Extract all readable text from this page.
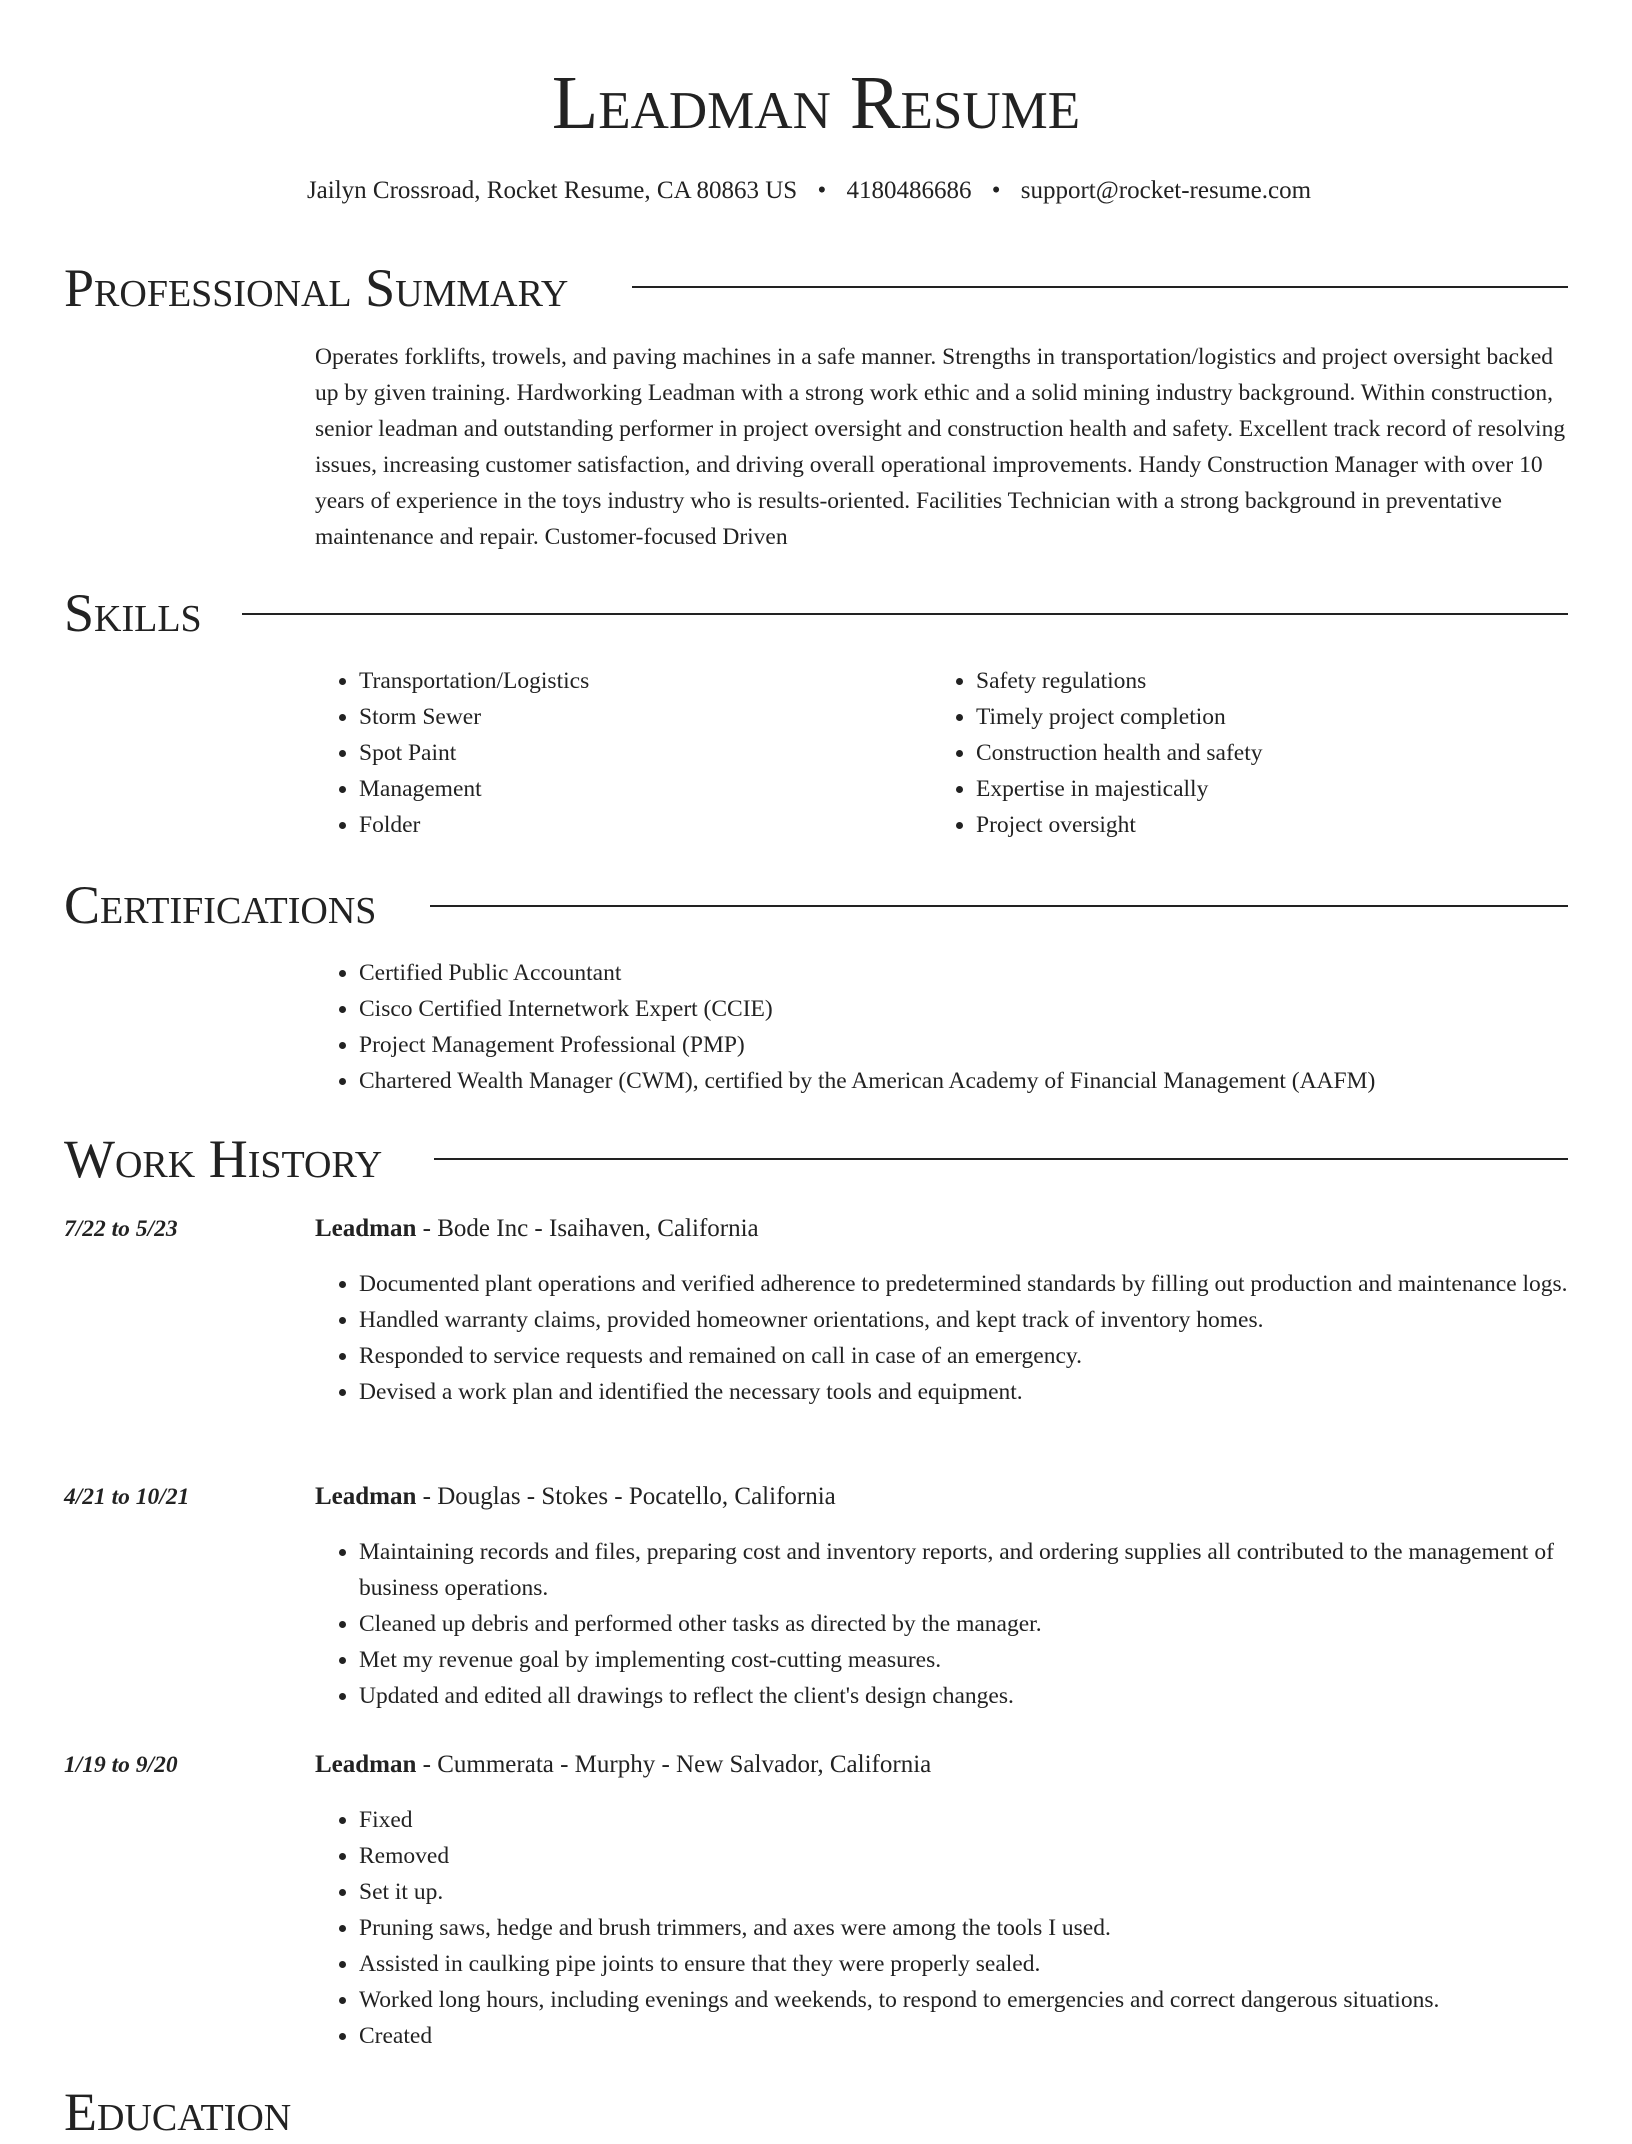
Leadman Resume
Jailyn Crossroad, Rocket Resume, CA 80863 US • 4180486686 • support@rocket-resume.com
Professional Summary

Operates forklifts, trowels, and paving machines in a safe manner. Strengths in transportation/logistics and project oversight backed up by given training. Hardworking Leadman with a strong work ethic and a solid mining industry background. Within construction, senior leadman and outstanding performer in project oversight and construction health and safety. Excellent track record of resolving issues, increasing customer satisfaction, and driving overall operational improvements. Handy Construction Manager with over 10 years of experience in the toys industry who is results-oriented. Facilities Technician with a strong background in preventative maintenance and repair. Customer-focused Driven

Skills
• Transportation/Logistics
• Storm Sewer
• Spot Paint
• Management
• Folder
• Safety regulations
• Timely project completion
• Construction health and safety
• Expertise in majestically
• Project oversight
Certifications
• Certified Public Accountant
• Cisco Certified Internetwork Expert (CCIE)
• Project Management Professional (PMP)
• Chartered Wealth Manager (CWM), certified by the American Academy of Financial Management (AAFM)
Work History
7/22 to 5/23	Leadman - Bode Inc - Isaihaven, California
• Documented plant operations and verified adherence to predetermined standards by filling out production and maintenance logs.
• Handled warranty claims, provided homeowner orientations, and kept track of inventory homes.
• Responded to service requests and remained on call in case of an emergency.
• Devised a work plan and identified the necessary tools and equipment.
4/21 to 10/21	Leadman - Douglas - Stokes - Pocatello, California
• Maintaining records and files, preparing cost and inventory reports, and ordering supplies all contributed to the management of business operations.
• Cleaned up debris and performed other tasks as directed by the manager.
• Met my revenue goal by implementing cost-cutting measures.
• Updated and edited all drawings to reflect the client's design changes.
1/19 to 9/20	Leadman - Cummerata - Murphy - New Salvador, California
• Fixed
• Removed
• Set it up.
• Pruning saws, hedge and brush trimmers, and axes were among the tools I used.
• Assisted in caulking pipe joints to ensure that they were properly sealed.
• Worked long hours, including evenings and weekends, to respond to emergencies and correct dangerous situations.
• Created
Education
